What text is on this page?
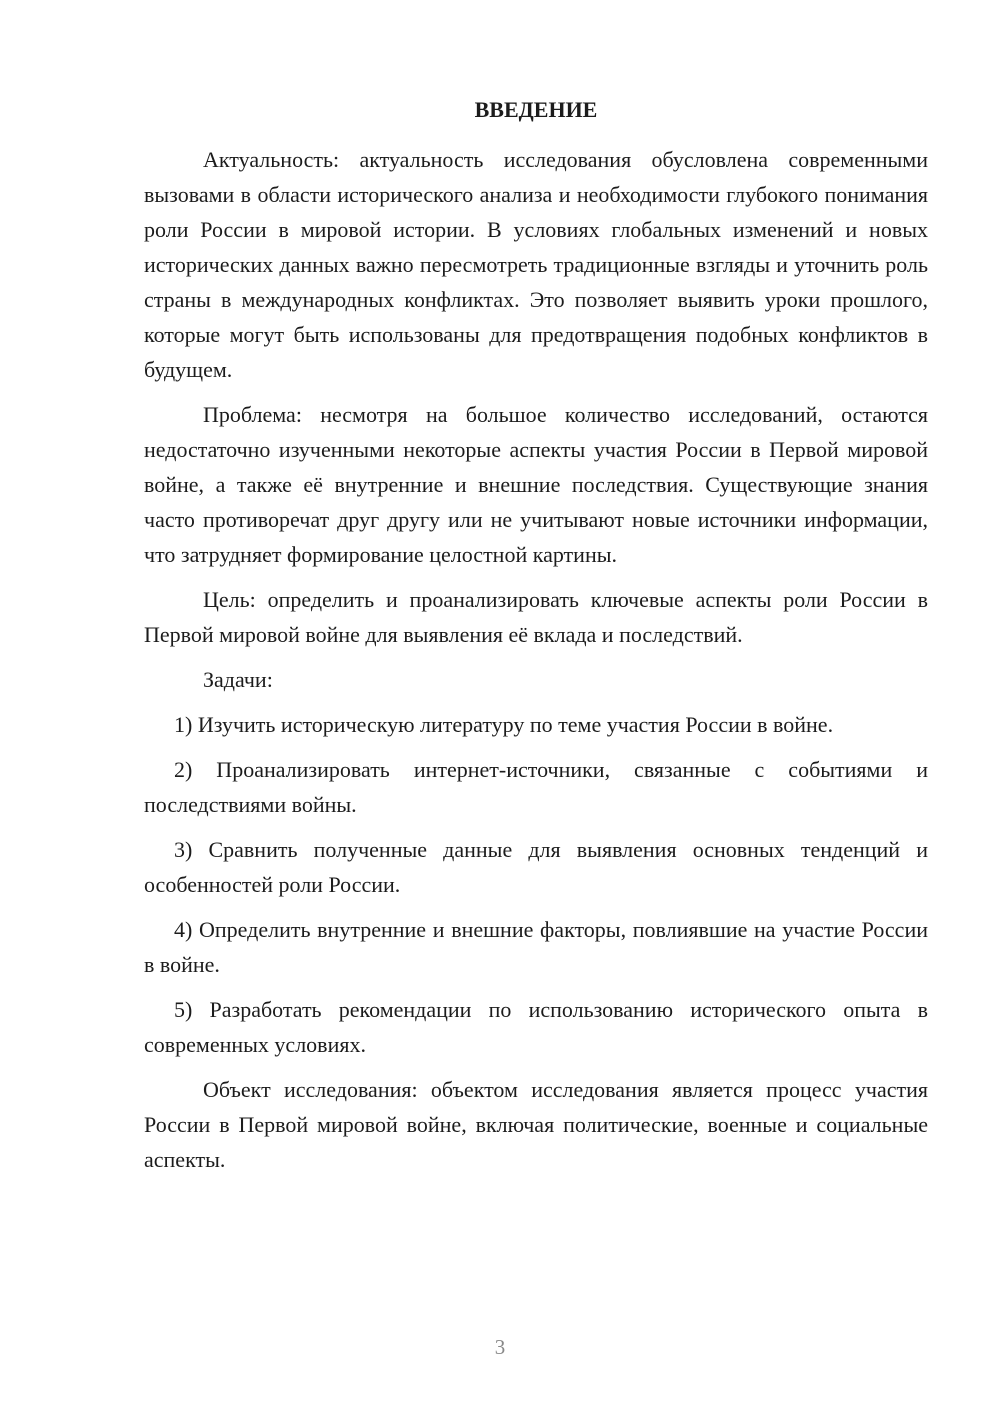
ВВЕДЕНИЕ

Актуальность: актуальность исследования обусловлена современными вызовами в области исторического анализа и необходимости глубокого понимания роли России в мировой истории. В условиях глобальных изменений и новых исторических данных важно пересмотреть традиционные взгляды и уточнить роль страны в международных конфликтах. Это позволяет выявить уроки прошлого, которые могут быть использованы для предотвращения подобных конфликтов в будущем.

Проблема: несмотря на большое количество исследований, остаются недостаточно изученными некоторые аспекты участия России в Первой мировой войне, а также её внутренние и внешние последствия. Существующие знания часто противоречат друг другу или не учитывают новые источники информации, что затрудняет формирование целостной картины.

Цель: определить и проанализировать ключевые аспекты роли России в Первой мировой войне для выявления её вклада и последствий.

Задачи:

1) Изучить историческую литературу по теме участия России в войне.

2) Проанализировать интернет-источники, связанные с событиями и последствиями войны.

3) Сравнить полученные данные для выявления основных тенденций и особенностей роли России.

4) Определить внутренние и внешние факторы, повлиявшие на участие России в войне.

5) Разработать рекомендации по использованию исторического опыта в современных условиях.

Объект исследования: объектом исследования является процесс участия России в Первой мировой войне, включая политические, военные и социальные аспекты.

3
